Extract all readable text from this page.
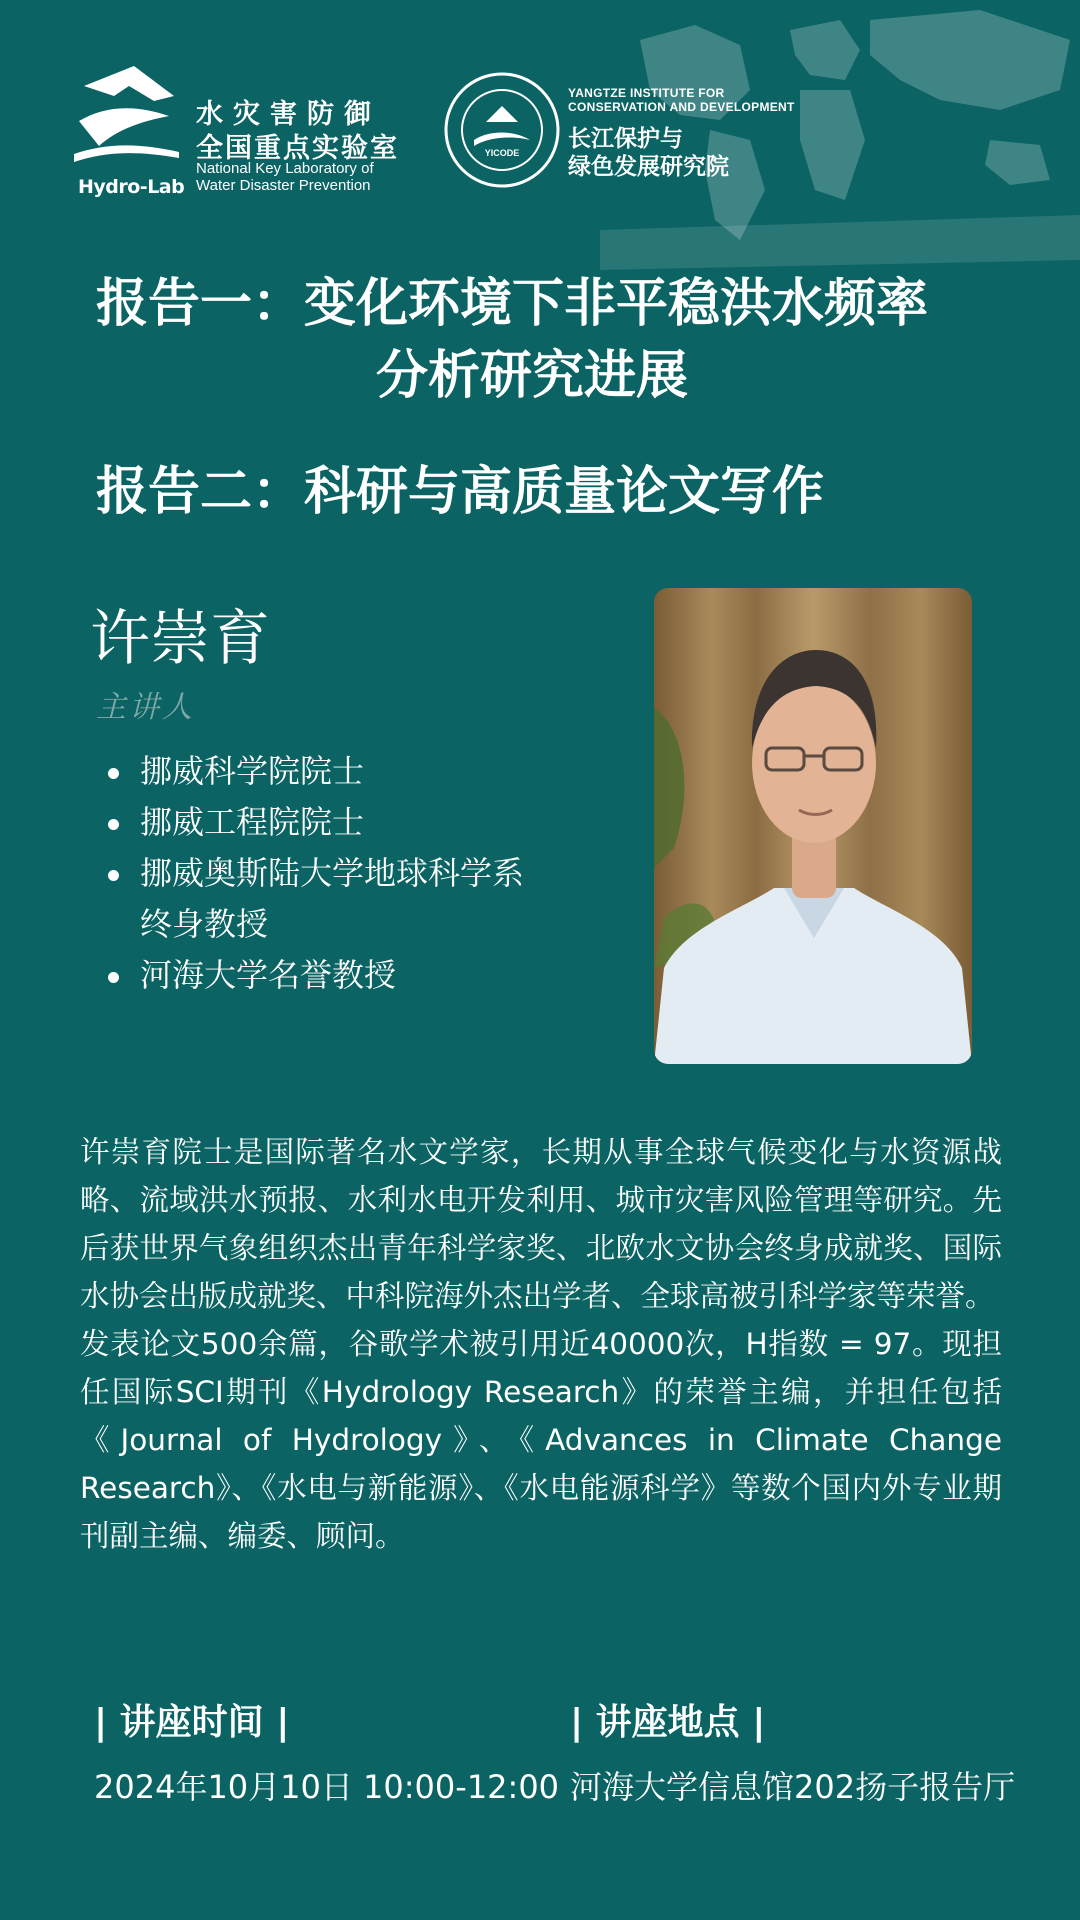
Hydro-Lab
水灾害防御
全国重点实验室
National Key Laboratory of
Water Disaster Prevention
YICODE
YANGTZE INSTITUTE FOR
CONSERVATION AND DEVELOPMENT
长江保护与
绿色发展研究院
报告一：变化环境下非平稳洪水频率
分析研究进展
报告二：科研与高质量论文写作
许崇育
主讲人
挪威科学院院士
挪威工程院院士
挪威奥斯陆大学地球科学系
终身教授
河海大学名誉教授

许崇育院士是国际著名水文学家，长期从事全球气候变化与水资源战略、流域洪水预报、水利水电开发利用、城市灾害风险管理等研究。先后获世界气象组织杰出青年科学家奖、北欧水文协会终身成就奖、国际水协会出版成就奖、中科院海外杰出学者、全球高被引科学家等荣誉。

发表论文500余篇，谷歌学术被引用近40000次，H指数 = 97。现担任国际SCI期刊《Hydrology Research》的荣誉主编，并担任包括《Journal of Hydrology》、《Advances in Climate Change Research》、《水电与新能源》、《水电能源科学》等数个国内外专业期刊副主编、编委、顾问。

| 讲座时间 |
2024年10月10日 10:00-12:00
| 讲座地点 |
河海大学信息馆202扬子报告厅
